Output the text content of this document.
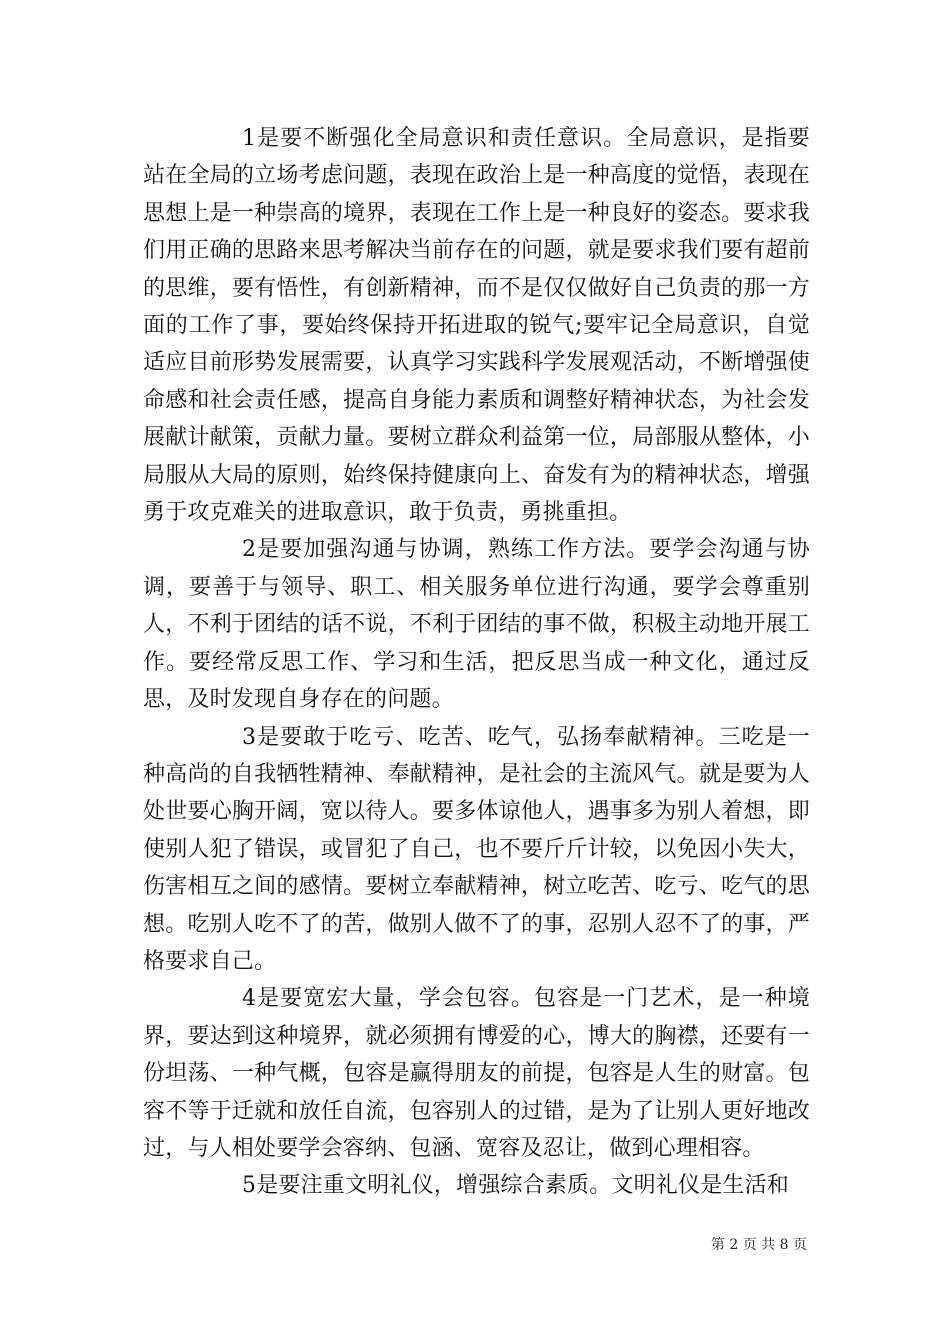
1是要不断强化全局意识和责任意识。全局意识，是指要站在全局的立场考虑问题，表现在政治上是一种高度的觉悟，表现在思想上是一种崇高的境界，表现在工作上是一种良好的姿态。要求我们用正确的思路来思考解决当前存在的问题，就是要求我们要有超前的思维，要有悟性，有创新精神，而不是仅仅做好自己负责的那一方面的工作了事，要始终保持开拓进取的锐气;要牢记全局意识，自觉适应目前形势发展需要，认真学习实践科学发展观活动，不断增强使命感和社会责任感，提高自身能力素质和调整好精神状态，为社会发展献计献策，贡献力量。要树立群众利益第一位，局部服从整体，小局服从大局的原则，始终保持健康向上、奋发有为的精神状态，增强勇于攻克难关的进取意识，敢于负责，勇挑重担。

2是要加强沟通与协调，熟练工作方法。要学会沟通与协调，要善于与领导、职工、相关服务单位进行沟通，要学会尊重别人，不利于团结的话不说，不利于团结的事不做，积极主动地开展工作。要经常反思工作、学习和生活，把反思当成一种文化，通过反思，及时发现自身存在的问题。

3是要敢于吃亏、吃苦、吃气，弘扬奉献精神。三吃是一种高尚的自我牺牲精神、奉献精神，是社会的主流风气。就是要为人处世要心胸开阔，宽以待人。要多体谅他人，遇事多为别人着想，即使别人犯了错误，或冒犯了自己，也不要斤斤计较，以免因小失大，伤害相互之间的感情。要树立奉献精神，树立吃苦、吃亏、吃气的思想。吃别人吃不了的苦，做别人做不了的事，忍别人忍不了的事，严格要求自己。

4是要宽宏大量，学会包容。包容是一门艺术，是一种境界，要达到这种境界，就必须拥有博爱的心，博大的胸襟，还要有一份坦荡、一种气概，包容是赢得朋友的前提，包容是人生的财富。包容不等于迁就和放任自流，包容别人的过错，是为了让别人更好地改过，与人相处要学会容纳、包涵、宽容及忍让，做到心理相容。

5是要注重文明礼仪，增强综合素质。文明礼仪是生活和

第 2 页 共 8 页
